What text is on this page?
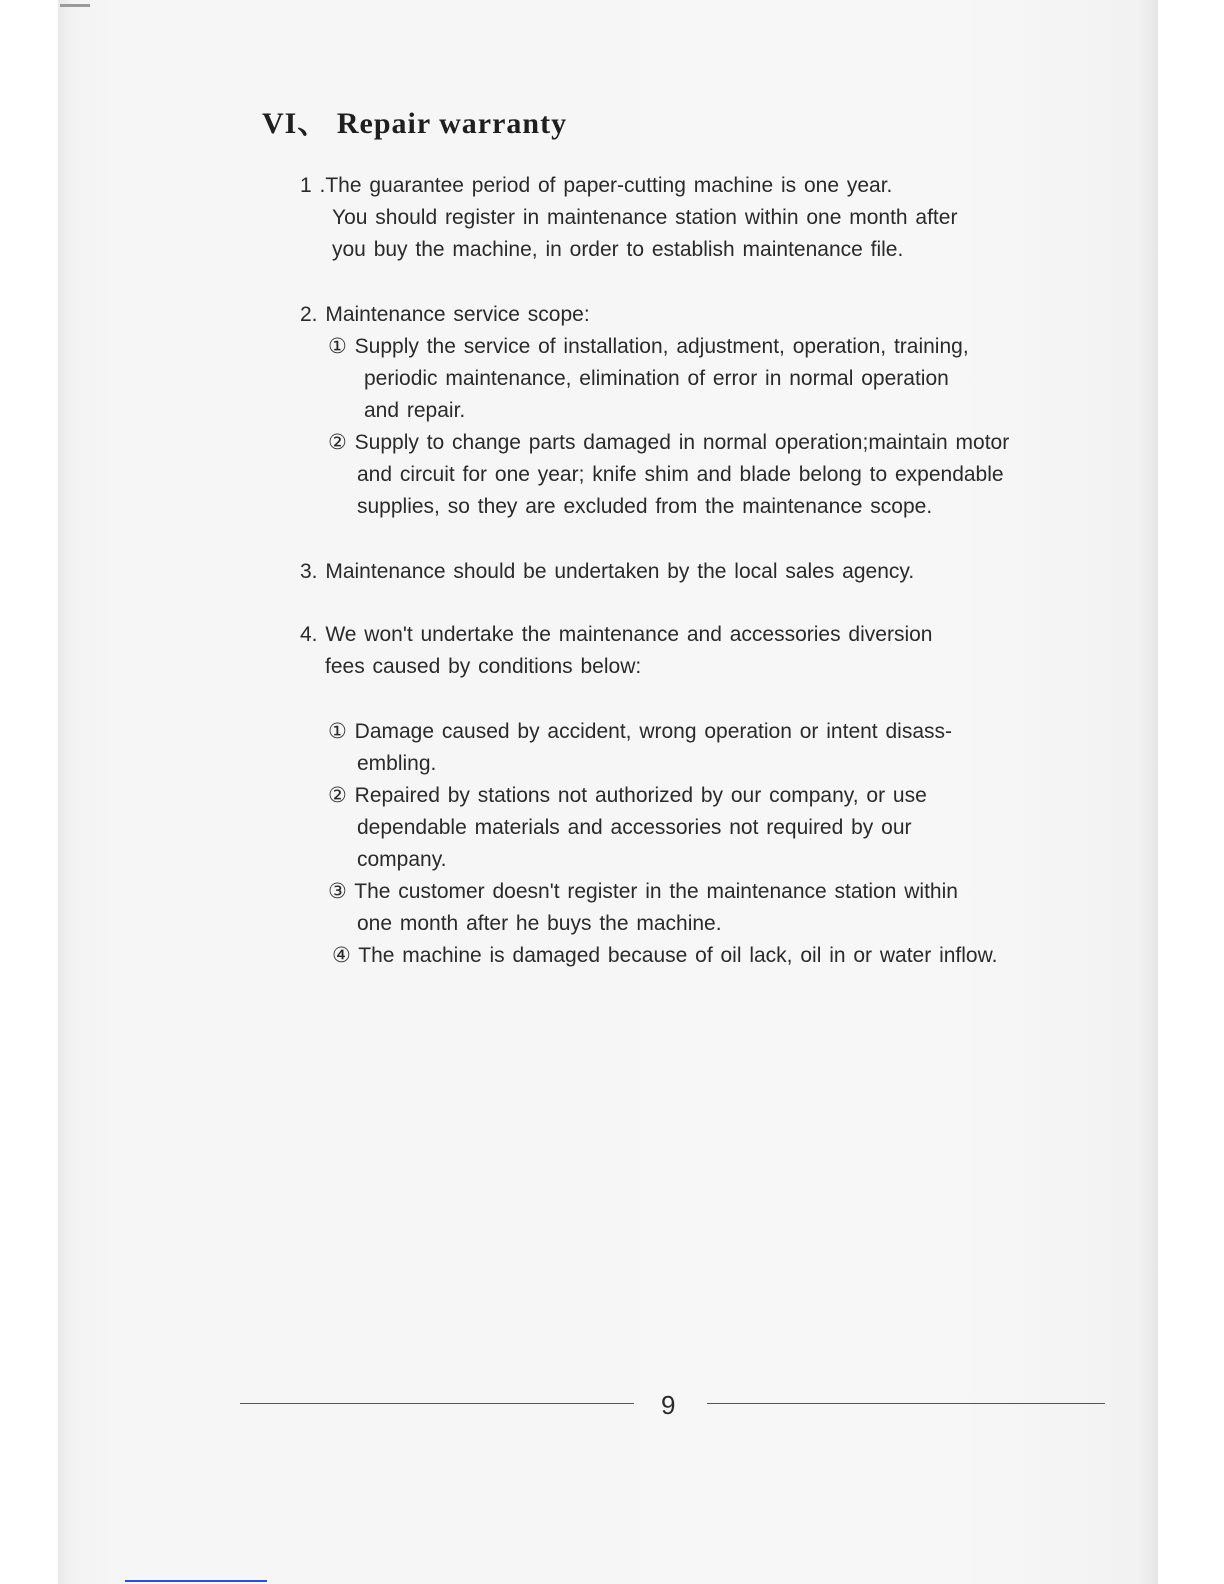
VI、 Repair warranty

1 .The guarantee period of paper-cutting machine is one year.

You should register in maintenance station within one month after

you buy the machine, in order to establish maintenance file.

2. Maintenance service scope:

① Supply the service of installation, adjustment, operation, training,

periodic maintenance, elimination of error in normal operation

and repair.

② Supply to change parts damaged in normal operation;maintain motor

and circuit for one year; knife shim and blade belong to expendable

supplies, so they are excluded from the maintenance scope.

3. Maintenance should be undertaken by the local sales agency.

4. We won't undertake the maintenance and accessories diversion

fees caused by conditions below:

① Damage caused by accident, wrong operation or intent disass-

embling.

② Repaired by stations not authorized by our company, or use

dependable materials and accessories not required by our

company.

③ The customer doesn't register in the maintenance station within

one month after he buys the machine.

④ The machine is damaged because of oil lack, oil in or water inflow.

9
